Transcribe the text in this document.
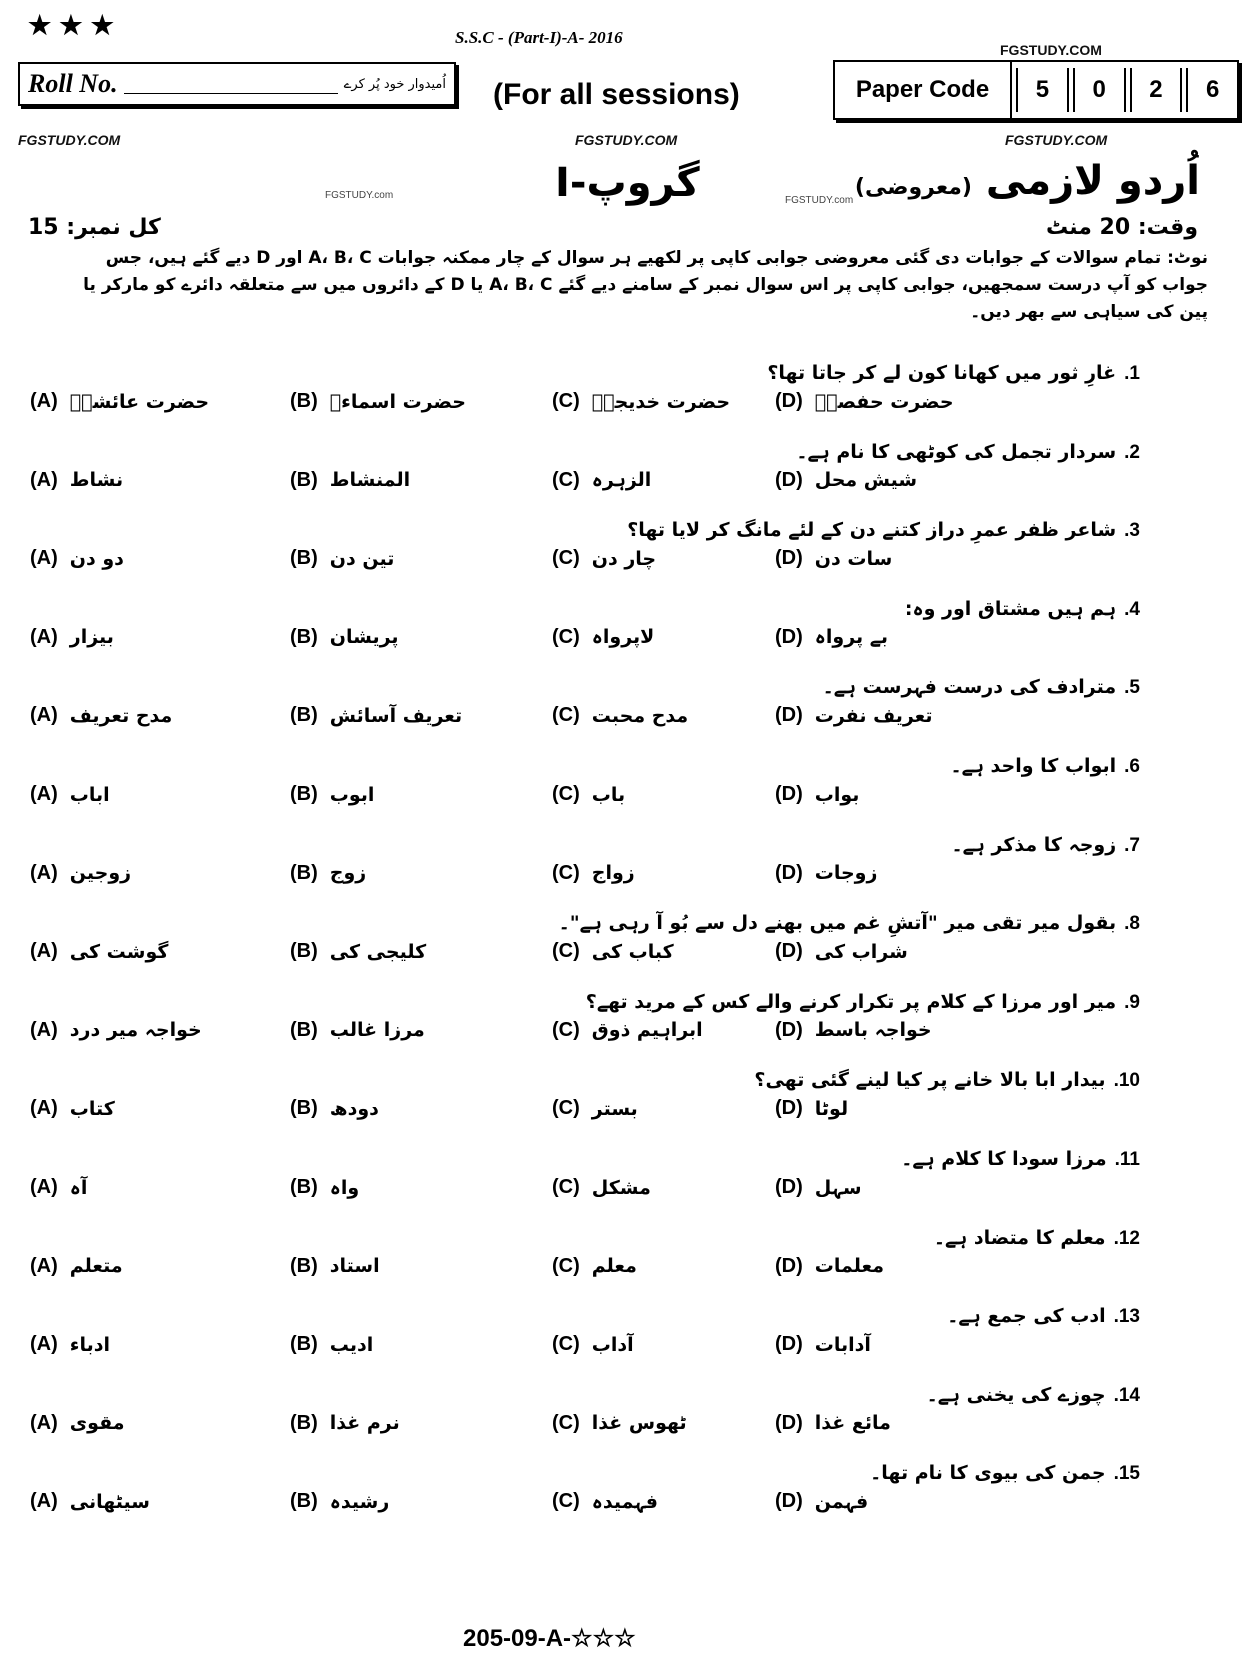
★★★	S.S.C - (Part-I)-A- 2016
(For all sessions)
Roll No.	اُمیدوار خود پُر کرے	Paper Code	5	0	2	6
FGSTUDY.COM
FGSTUDY.COM	FGSTUDY.COM	FGSTUDY.COM
FGSTUDY.com	FGSTUDY.com	اُردو لازمی (معروضی)
گروپ-I
وقت: 20 منٹ
کل نمبر: 15
نوٹ: تمام سوالات کے جوابات دی گئی معروضی جوابی کاپی پر لکھیے ہر سوال کے چار ممکنہ جوابات A، B، C اور D دیے گئے ہیں، جس جواب کو آپ درست سمجھیں، جوابی کاپی پر اس سوال نمبر کے سامنے دیے گئے A، B، C یا D کے دائروں میں سے متعلقہ دائرے کو مارکر یا پین کی سیاہی سے بھر دیں۔
1.غارِ ثور میں کھانا کون لے کر جاتا تھا؟
(A) حضرت عائشہؓ	(B) حضرت اسماءؓ	(C) حضرت خدیجہؓ (D) حضرت حفصہؓ
2.سردار تجمل کی کوٹھی کا نام ہے۔
(A) نشاط	(B) المنشاط	(C) الزہرہ	(D) شیش محل
3.شاعر ظفر عمرِ دراز کتنے دن کے لئے مانگ کر لایا تھا؟
(A) دو دن	(B) تین دن	(C) چار دن	(D) سات دن
4.ہم ہیں مشتاق اور وہ:
(A) بیزار	(B) پریشان	(C) لاپرواہ	(D) بے پرواہ
5.مترادف کی درست فہرست ہے۔
(A) مدح تعریف	(B) تعریف آسائش	(C) مدح محبت	(D) تعریف نفرت
6.ابواب کا واحد ہے۔
(A) اباب	(B) ابوب	(C) باب	(D) بواب
7.زوجہ کا مذکر ہے۔
(A) زوجین	(B) زوج	(C) زواج	(D) زوجات
8.بقول میر تقی میر "آتشِ غم میں بھنے دل سے بُو آ رہی ہے"۔
(A) گوشت کی	(B) کلیجی کی	(C) کباب کی	(D) شراب کی
9.میر اور مرزا کے کلام پر تکرار کرنے والے کس کے مرید تھے؟
(A) خواجہ میر درد	(B) مرزا غالب	(C) ابراہیم ذوق	(D) خواجہ باسط
10.بیدار ابا بالا خانے پر کیا لینے گئی تھی؟
(A) کتاب	(B) دودھ	(C) بستر	(D) لوٹا
11.مرزا سودا کا کلام ہے۔
(A) آہ	(B) واہ	(C) مشکل	(D) سہل
12.معلم کا متضاد ہے۔
(A) متعلم	(B) استاد	(C) معلم	(D) معلمات
13.ادب کی جمع ہے۔
(A) ادباء	(B) ادیب	(C) آداب	(D) آدابات
14.چوزے کی یخنی ہے۔
(A) مقوی	(B) نرم غذا	(C) ٹھوس غذا	(D) مائع غذا
15.جمن کی بیوی کا نام تھا۔
(A) سیٹھانی	(B) رشیدہ	(C) فہمیدہ	(D) فہمن
205-09-A-☆☆☆
